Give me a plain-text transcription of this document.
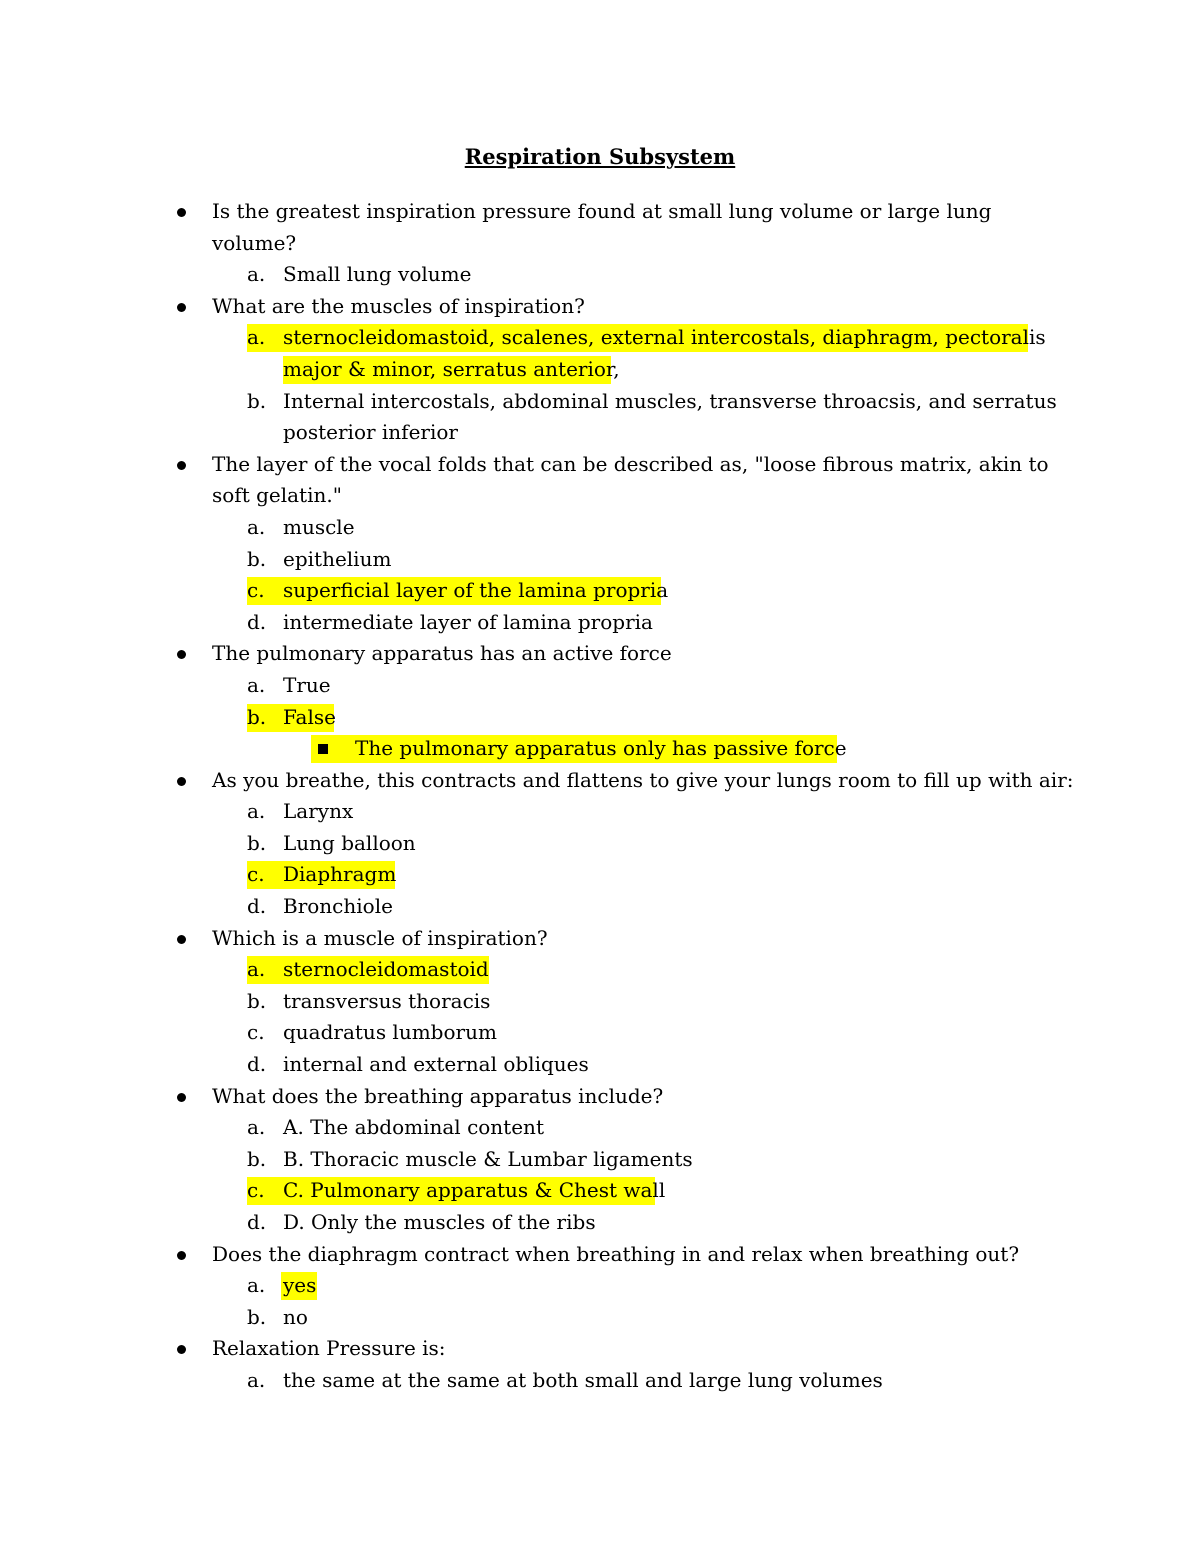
Respiration Subsystem
Is the greatest inspiration pressure found at small lung volume or large lung
volume?
a. Small lung volume
What are the muscles of inspiration?
a. sternocleidomastoid, scalenes, external intercostals, diaphragm, pectoralis
major & minor, serratus anterior,
b. Internal intercostals, abdominal muscles, transverse throacsis, and serratus
posterior inferior
The layer of the vocal folds that can be described as, "loose fibrous matrix, akin to
soft gelatin."
a. muscle
b. epithelium
c. superficial layer of the lamina propria
d. intermediate layer of lamina propria
The pulmonary apparatus has an active force
a. True
b. False
The pulmonary apparatus only has passive force
As you breathe, this contracts and flattens to give your lungs room to fill up with air:
a. Larynx
b. Lung balloon
c. Diaphragm
d. Bronchiole
Which is a muscle of inspiration?
a. sternocleidomastoid
b. transversus thoracis
c. quadratus lumborum
d. internal and external obliques
What does the breathing apparatus include?
a. A. The abdominal content
b. B. Thoracic muscle & Lumbar ligaments
c. C. Pulmonary apparatus & Chest wall
d. D. Only the muscles of the ribs
Does the diaphragm contract when breathing in and relax when breathing out?
a. yes
b. no
Relaxation Pressure is:
a. the same at the same at both small and large lung volumes
